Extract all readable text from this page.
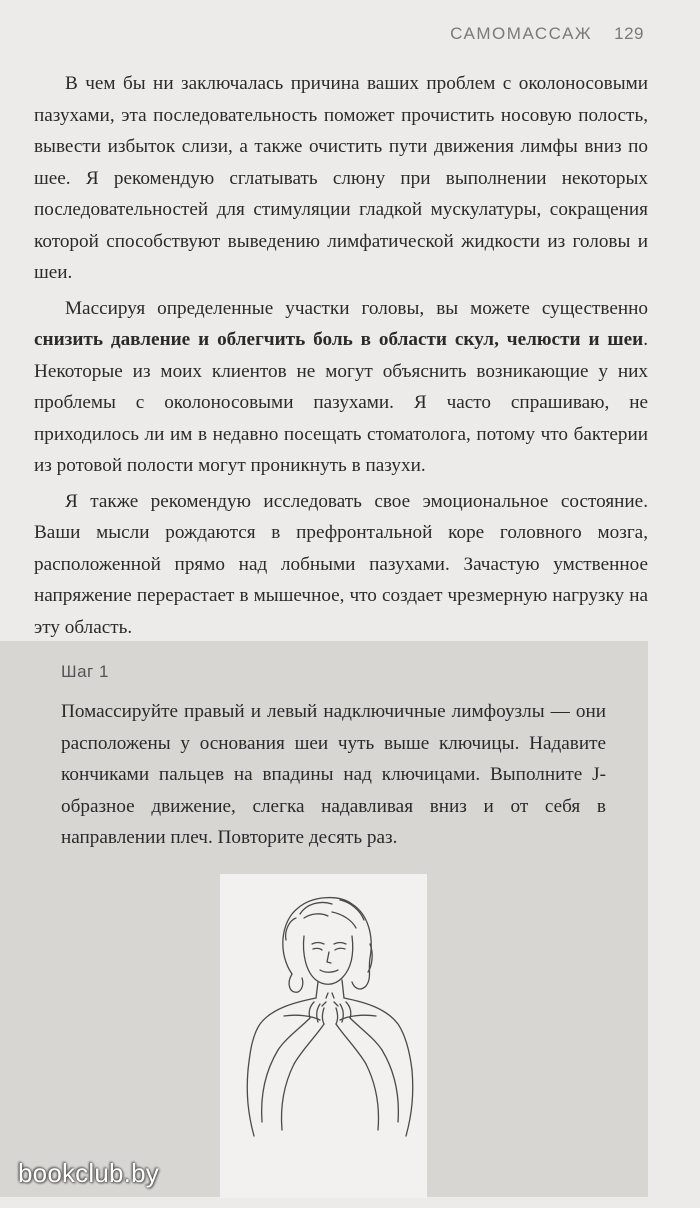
САМОМАССАЖ 129

В чем бы ни заключалась причина ваших проблем с околоносовыми пазухами, эта последовательность поможет прочистить носовую полость, вывести избыток слизи, а также очистить пути движения лимфы вниз по шее. Я рекомендую сглатывать слюну при выполнении некоторых последовательностей для стимуляции гладкой мускулатуры, сокращения которой способствуют выведению лимфатической жидкости из головы и шеи.

Массируя определенные участки головы, вы можете существенно снизить давление и облегчить боль в области скул, челюсти и шеи. Некоторые из моих клиентов не могут объяснить возникающие у них проблемы с околоносовыми пазухами. Я часто спрашиваю, не приходилось ли им в недавно посещать стоматолога, потому что бактерии из ротовой полости могут проникнуть в пазухи.

Я также рекомендую исследовать свое эмоциональное состояние. Ваши мысли рождаются в префронтальной коре головного мозга, расположенной прямо над лобными пазухами. Зачастую умственное напряжение перерастает в мышечное, что создает чрезмерную нагрузку на эту область.

Шаг 1

Помассируйте правый и левый надключичные лимфоузлы — они расположены у основания шеи чуть выше ключицы. Надавите кончиками пальцев на впадины над ключицами. Выполните J-образное движение, слегка надавливая вниз и от себя в направлении плеч. Повторите десять раз.

bookclub.by
